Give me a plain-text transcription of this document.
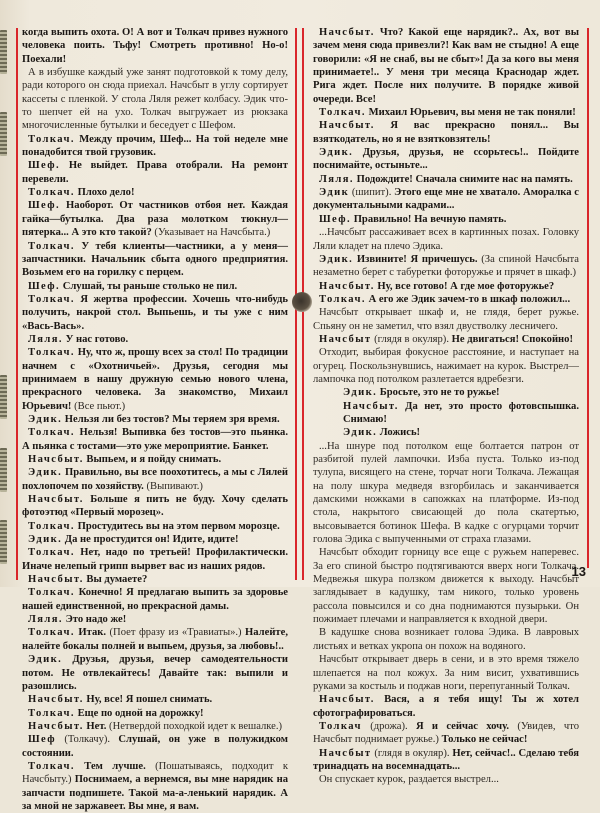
когда выпить охота. О! А вот и Толкач привез нужного человека поить. Тьфу! Смотреть противно! Но-о! Поехали!

А в избушке каждый уже занят подготовкой к тому делу, ради которого он сюда приехал. Начсбыт в углу сортирует кассеты с пленкой. У стола Ляля режет колбасу. Эдик что-то шепчет ей на ухо. Толкач выгружает из рюкзака многочисленные бутылки и беседует с Шефом.

Толкач. Между прочим, Шеф... На той неделе мне понадобится твой грузовик.

Шеф. Не выйдет. Права отобрали. На ремонт перевели.

Толкач. Плохо дело!

Шеф. Наоборот. От частников отбоя нет. Каждая гайка—бутылка. Два раза молотком тюкнул—пятерка... А это кто такой? (Указывает на Начсбыта.)

Толкач. У тебя клиенты—частники, а у меня—запчастники. Начальник сбыта одного предприятия. Возьмем его на горилку с перцем.

Шеф. Слушай, ты раньше столько не пил.

Толкач. Я жертва профессии. Хочешь что-нибудь получить, накрой стол. Выпьешь, и ты уже с ним «Вась-Вась».

Ляля. У нас готово.

Толкач. Ну, что ж, прошу всех за стол! По традиции начнем с «Охотничьей». Друзья, сегодня мы принимаем в нашу дружную семью нового члена, прекрасного человека. За знакомство, Михаил Юрьевич! (Все пьют.)

Эдик. Нельзя ли без тостов? Мы теряем зря время.

Толкач. Нельзя! Выпивка без тостов—это пьянка. А пьянка с тостами—это уже мероприятие. Банкет.

Начсбыт. Выпьем, и я пойду снимать.

Эдик. Правильно, вы все поохотитесь, а мы с Лялей похлопочем по хозяйству. (Выпивают.)

Начсбыт. Больше я пить не буду. Хочу сделать фотоэтюд «Первый морозец».

Толкач. Простудитесь вы на этом первом морозце.

Эдик. Да не простудится он! Идите, идите!

Толкач. Нет, надо по третьей! Профилактически. Иначе нелепый грипп вырвет вас из наших рядов.

Начсбыт. Вы думаете?

Толкач. Конечно! Я предлагаю выпить за здоровье нашей единственной, но прекрасной дамы.

Ляля. Это надо же!

Толкач. Итак. (Поет фразу из «Травиаты».) Налейте, налейте бокалы полней и выпьем, друзья, за любовь!..

Эдик. Друзья, друзья, вечер самодеятельности потом. Не отвлекайтесь! Давайте так: выпили и разошлись.

Начсбыт. Ну, все! Я пошел снимать.

Толкач. Еще по одной на дорожку!

Начсбыт. Нет. (Нетвердой походкой идет к вешалке.)

Шеф (Толкачу). Слушай, он уже в полужидком состоянии.

Толкач. Тем лучше. (Пошатываясь, подходит к Начсбыту.) Поснимаем, а вернемся, вы мне нарядик на запчасти подпишете. Такой ма-а-ленький нарядик. А за мной не заржавеет. Вы мне, я вам.

Начсбыт. Что? Какой еще нарядик?.. Ах, вот вы зачем меня сюда привезли?! Как вам не стыдно! А еще говорили: «Я не снаб, вы не сбыт»! Да за кого вы меня принимаете!.. У меня три месяца Краснодар ждет. Рига ждет. После них получите. В порядке живой очереди. Все!

Толкач. Михаил Юрьевич, вы меня не так поняли!

Начсбыт. Я вас прекрасно понял... Вы взяткодатель, но я не взятковзятель!

Эдик. Друзья, друзья, не ссорьтесь!.. Пойдите поснимайте, остыньте...

Ляля. Подождите! Сначала снимите нас на память.

Эдик (шипит). Этого еще мне не хватало. Аморалка с документальными кадрами...

Шеф. Правильно! На вечную память.

...Начсбыт рассаживает всех в картинных позах. Головку Ляли кладет на плечо Эдика.

Эдик. Извините! Я причешусь. (За спиной Начсбыта незаметно берет с табуретки фоторужье и прячет в шкаф.)

Начсбыт. Ну, все готово! А где мое фоторужье?

Толкач. А его же Эдик зачем-то в шкаф положил...

Начсбыт открывает шкаф и, не глядя, берет ружье. Спьяну он не заметил, что взял двустволку лесничего.

Начсбыт (глядя в окуляр). Не двигаться! Спокойно!

Отходит, выбирая фокусное расстояние, и наступает на огурец. Поскользнувшись, нажимает на курок. Выстрел—лампочка под потолком разлетается вдребезги.

Эдик. Бросьте, это не то ружье!

Начсбыт. Да нет, это просто фотовспышка. Снимаю!

Эдик. Ложись!

...На шнуре под потолком еще болтается патрон от разбитой пулей лампочки. Изба пуста. Только из-под тулупа, висящего на стене, торчат ноги Толкача. Лежащая на полу шкура медведя взгорбилась и заканчивается дамскими ножками в сапожках на платформе. Из-под стола, накрытого свисающей до пола скатертью, высовывается ботинок Шефа. В кадке с огурцами торчит голова Эдика с выпученными от страха глазами.

Начсбыт обходит горницу все еще с ружьем наперевес. За его спиной быстро подтягиваются вверх ноги Толкача. Медвежья шкура ползком движется к выходу. Начсбыт заглядывает в кадушку, там никого, только уровень рассола повысился и со дна поднимаются пузырьки. Он пожимает плечами и направляется к входной двери.

В кадушке снова возникает голова Эдика. В лавровых листьях и ветках укропа он похож на водяного.

Начсбыт открывает дверь в сени, и в это время тяжело шлепается на пол кожух. За ним висит, ухватившись руками за костыль и поджав ноги, перепуганный Толкач.

Начсбыт. Вася, а я тебя ищу! Ты ж хотел сфотографироваться.

Толкач (дрожа). Я и сейчас хочу. (Увидев, что Начсбыт поднимает ружье.) Только не сейчас!

Начсбыт (глядя в окуляр). Нет, сейчас!.. Сделаю тебя тринадцать на восемнадцать...

Он спускает курок, раздается выстрел...

13
